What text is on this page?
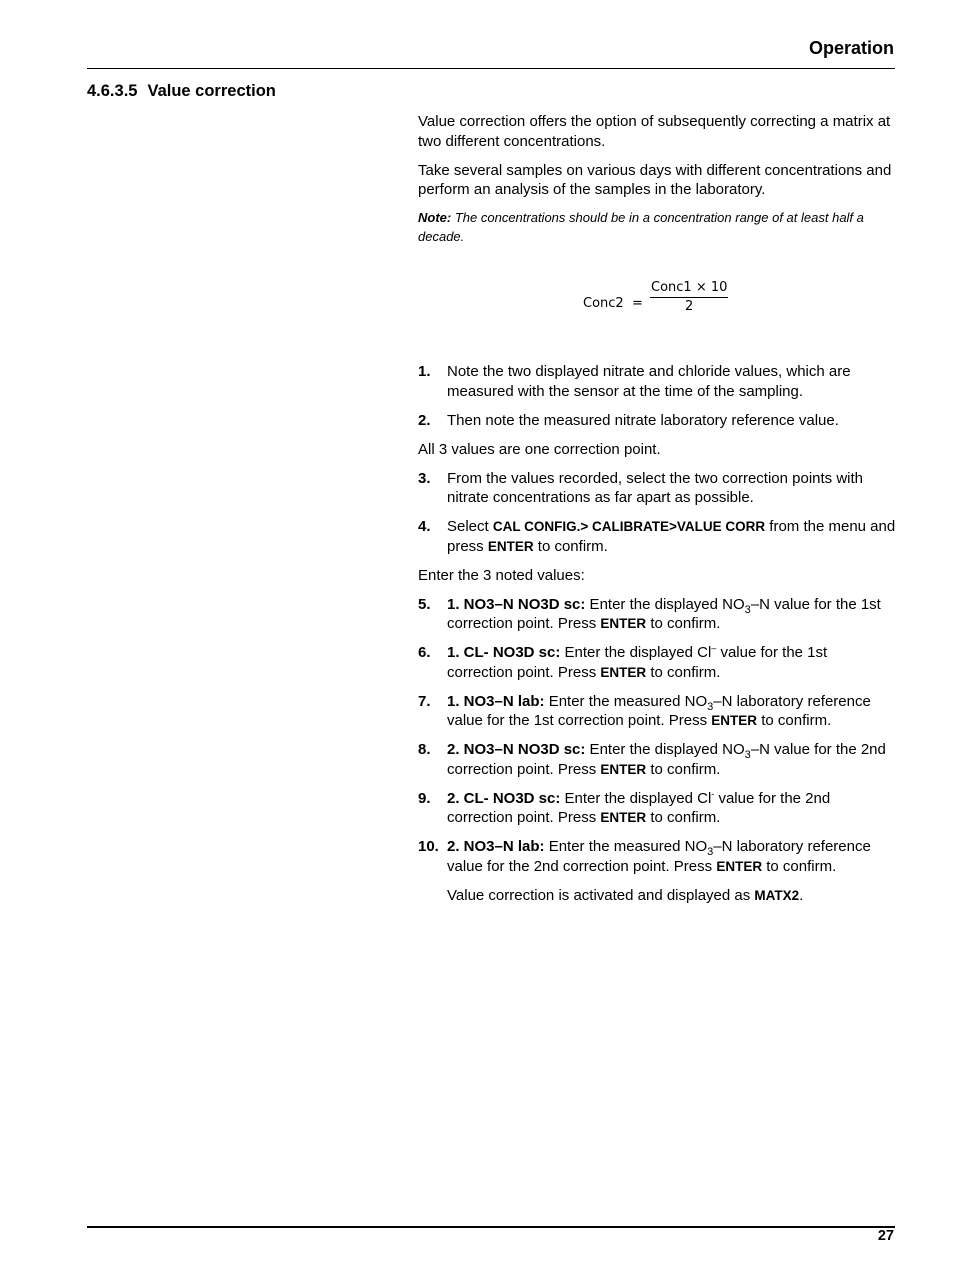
Operation
4.6.3.5 Value correction

Value correction offers the option of subsequently correcting a matrix at two different concentrations.

Take several samples on various days with different concentrations and perform an analysis of the samples in the laboratory.

Note: The concentrations should be in a concentration range of at least half a decade.

Conc2 =
Conc1 × 10
2
1. Note the two displayed nitrate and chloride values, which are measured with the sensor at the time of the sampling.
2. Then note the measured nitrate laboratory reference value.

All 3 values are one correction point.

3. From the values recorded, select the two correction points with nitrate concentrations as far apart as possible.
4. Select CAL CONFIG.> CALIBRATE>VALUE CORR from the menu and press ENTER to confirm.

Enter the 3 noted values:

5. 1. NO3–N NO3D sc: Enter the displayed $NO_3-N$ value for the 1st correction point. Press ENTER to confirm.
6. 1. CL- NO3D sc: Enter the displayed Cl– value for the 1st correction point. Press ENTER to confirm.
7. 1. NO3–N lab: Enter the measured $NO_3-N$ laboratory reference value for the 1st correction point. Press ENTER to confirm.
8. 2. NO3–N NO3D sc: Enter the displayed $NO_3-N$ value for the 2nd correction point. Press ENTER to confirm.
9. 2. CL- NO3D sc: Enter the displayed Cl- value for the 2nd correction point. Press ENTER to confirm.
10. 2. NO3–N lab: Enter the measured $NO_3-N$ laboratory reference value for the 2nd correction point. Press ENTER to confirm.

Value correction is activated and displayed as MATX2.

27
